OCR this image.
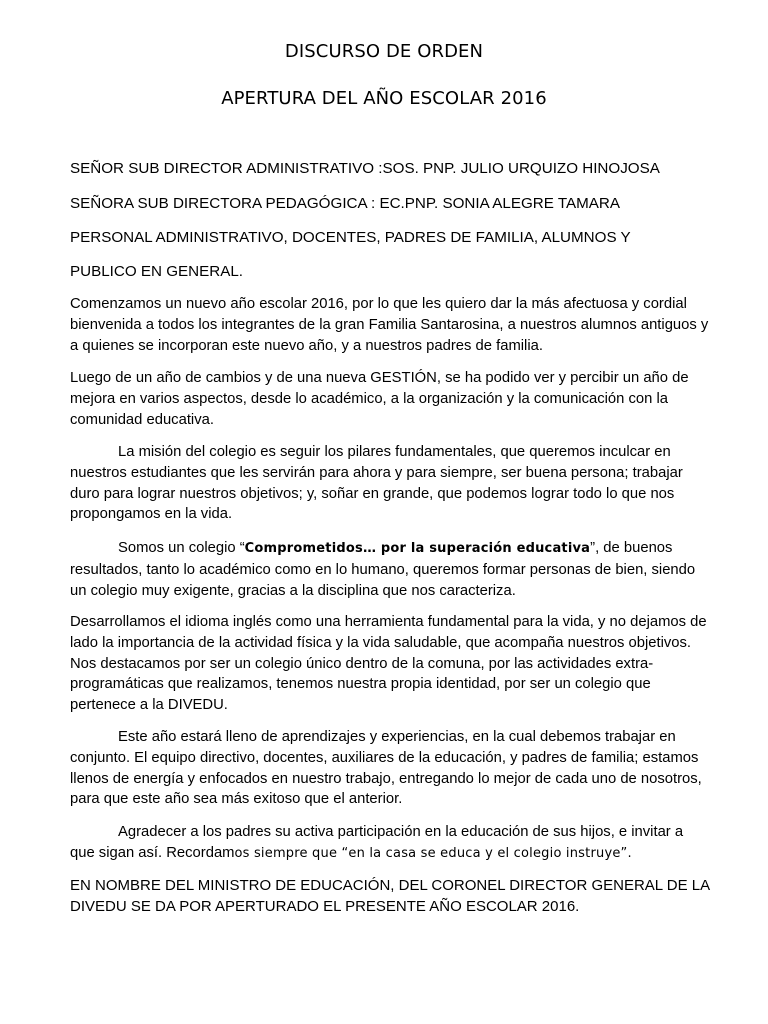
DISCURSO DE ORDEN
APERTURA DEL AÑO ESCOLAR 2016
SEÑOR SUB DIRECTOR ADMINISTRATIVO :SOS. PNP. JULIO URQUIZO HINOJOSA
SEÑORA SUB DIRECTORA PEDAGÓGICA : EC.PNP. SONIA ALEGRE TAMARA
PERSONAL ADMINISTRATIVO, DOCENTES, PADRES DE FAMILIA, ALUMNOS Y
PUBLICO EN GENERAL.

Comenzamos un nuevo año escolar 2016, por lo que les quiero dar la más afectuosa y cordial bienvenida a todos los integrantes de la gran Familia Santarosina, a nuestros alumnos antiguos y a quienes se incorporan este nuevo año, y a nuestros padres de familia.

Luego de un año de cambios y de una nueva GESTIÓN, se ha podido ver y percibir un año de mejora en varios aspectos, desde lo académico, a la organización y la comunicación con la comunidad educativa.

La misión del colegio es seguir los pilares fundamentales, que queremos inculcar en nuestros estudiantes que les servirán para ahora y para siempre, ser buena persona; trabajar duro para lograr nuestros objetivos; y, soñar en grande, que podemos lograr todo lo que nos propongamos en la vida.

Somos un colegio “Comprometidos… por la superación educativa”, de buenos resultados, tanto lo académico como en lo humano, queremos formar personas de bien, siendo un colegio muy exigente, gracias a la disciplina que nos caracteriza.

Desarrollamos el idioma inglés como una herramienta fundamental para la vida, y no dejamos de lado la importancia de la actividad física y la vida saludable, que acompaña nuestros objetivos. Nos destacamos por ser un colegio único dentro de la comuna, por las actividades extra-programáticas que realizamos, tenemos nuestra propia identidad, por ser un colegio que pertenece a la DIVEDU.

Este año estará lleno de aprendizajes y experiencias, en la cual debemos trabajar en conjunto. El equipo directivo, docentes, auxiliares de la educación, y padres de familia; estamos llenos de energía y enfocados en nuestro trabajo, entregando lo mejor de cada uno de nosotros, para que este año sea más exitoso que el anterior.

Agradecer a los padres su activa participación en la educación de sus hijos, e invitar a que sigan así. Recordamos siempre que “en la casa se educa y el colegio instruye”.

EN NOMBRE DEL MINISTRO DE EDUCACIÓN, DEL CORONEL DIRECTOR GENERAL DE LA DIVEDU SE DA POR APERTURADO EL PRESENTE AÑO ESCOLAR 2016.
